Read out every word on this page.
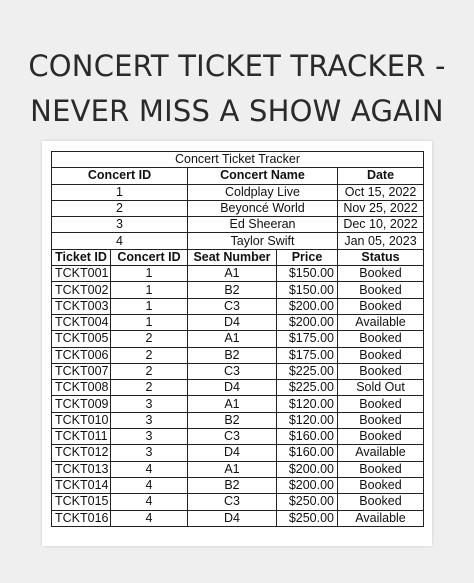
CONCERT TICKET TRACKER -
NEVER MISS A SHOW AGAIN
Concert Ticket Tracker				
Concert ID		Concert Name		Date
1		Coldplay Live		Oct 15, 2022
2		Beyoncé World		Nov 25, 2022
3		Ed Sheeran		Dec 10, 2022
4		Taylor Swift		Jan 05, 2023
Ticket ID	Concert ID	Seat Number	Price	Status
TCKT001	1	A1	$150.00	Booked
TCKT002	1	B2	$150.00	Booked
TCKT003	1	C3	$200.00	Booked
TCKT004	1	D4	$200.00	Available
TCKT005	2	A1	$175.00	Booked
TCKT006	2	B2	$175.00	Booked
TCKT007	2	C3	$225.00	Booked
TCKT008	2	D4	$225.00	Sold Out
TCKT009	3	A1	$120.00	Booked
TCKT010	3	B2	$120.00	Booked
TCKT011	3	C3	$160.00	Booked
TCKT012	3	D4	$160.00	Available
TCKT013	4	A1	$200.00	Booked
TCKT014	4	B2	$200.00	Booked
TCKT015	4	C3	$250.00	Booked
TCKT016	4	D4	$250.00	Available
